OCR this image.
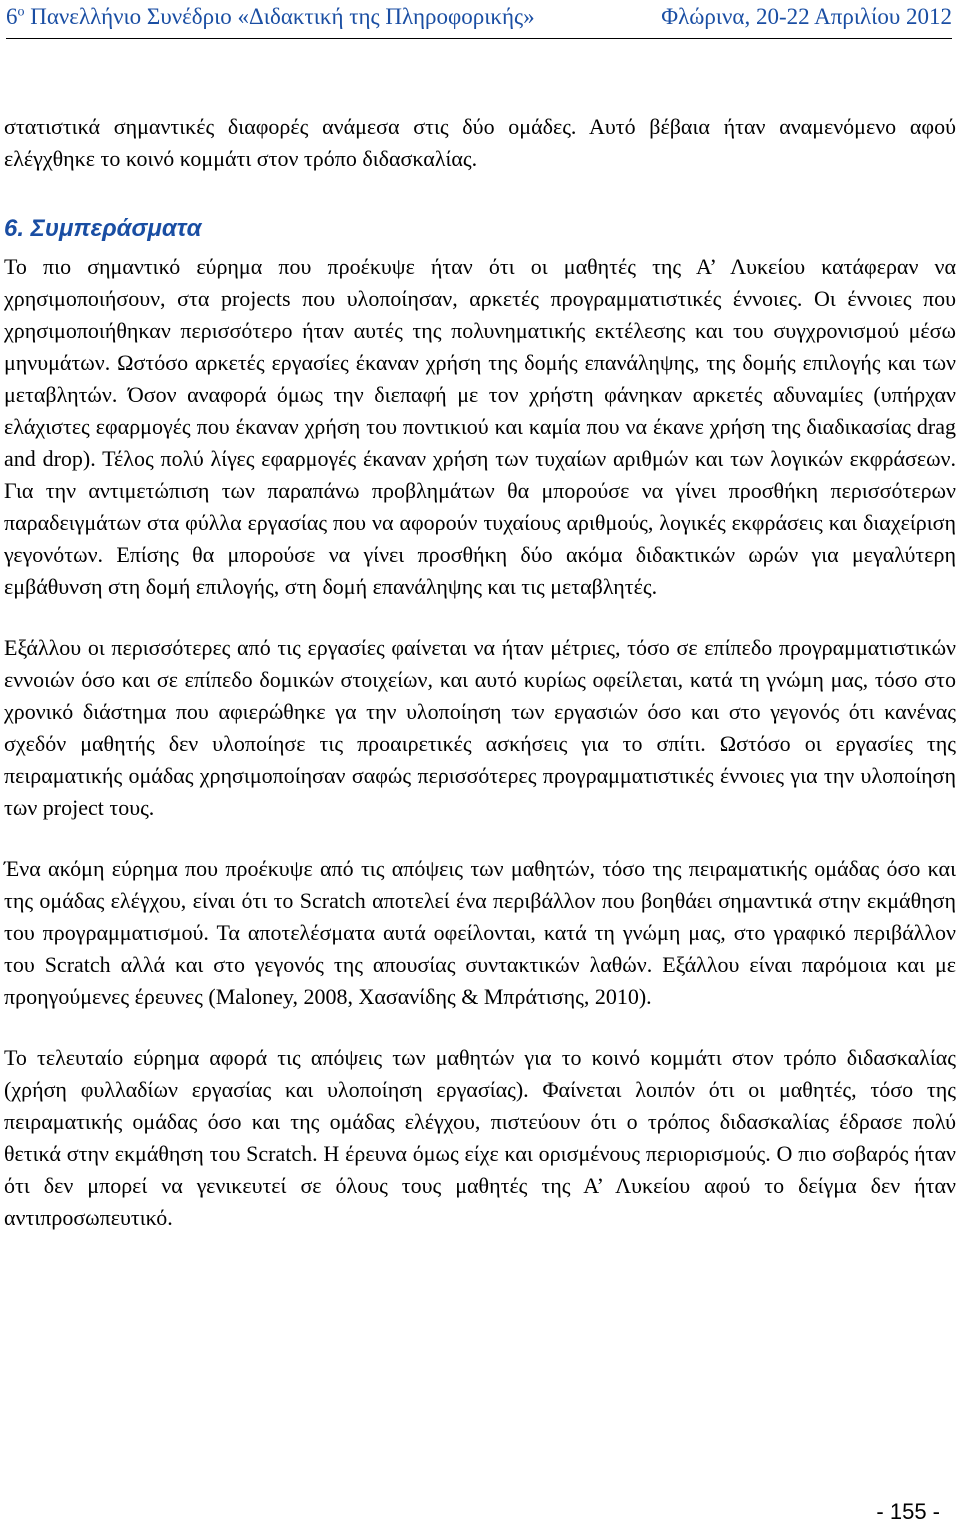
$6^o$ Πανελλήνιο Συνέδριο «Διδακτική της Πληροφορικής»	Φλώρινα, 20-22 Απριλίου 2012

στατιστικά σημαντικές διαφορές ανάμεσα στις δύο ομάδες. Αυτό βέβαια ήταν αναμενόμενο αφού ελέγχθηκε το κοινό κομμάτι στον τρόπο διδασκαλίας.

6. Συμπεράσματα

Το πιο σημαντικό εύρημα που προέκυψε ήταν ότι οι μαθητές της Α’ Λυκείου κατάφεραν να χρησιμοποιήσουν, στα projects που υλοποίησαν, αρκετές προγραμματιστικές έννοιες. Οι έννοιες που χρησιμοποιήθηκαν περισσότερο ήταν αυτές της πολυνηματικής εκτέλεσης και του συγχρονισμού μέσω μηνυμάτων. Ωστόσο αρκετές εργασίες έκαναν χρήση της δομής επανάληψης, της δομής επιλογής και των μεταβλητών. Όσον αναφορά όμως την διεπαφή με τον χρήστη φάνηκαν αρκετές αδυναμίες (υπήρχαν ελάχιστες εφαρμογές που έκαναν χρήση του ποντικιού και καμία που να έκανε χρήση της διαδικασίας drag and drop). Τέλος πολύ λίγες εφαρμογές έκαναν χρήση των τυχαίων αριθμών και των λογικών εκφράσεων. Για την αντιμετώπιση των παραπάνω προβλημάτων θα μπορούσε να γίνει προσθήκη περισσότερων παραδειγμάτων στα φύλλα εργασίας που να αφορούν τυχαίους αριθμούς, λογικές εκφράσεις και διαχείριση γεγονότων. Επίσης θα μπορούσε να γίνει προσθήκη δύο ακόμα διδακτικών ωρών για μεγαλύτερη εμβάθυνση στη δομή επιλογής, στη δομή επανάληψης και τις μεταβλητές.

Εξάλλου οι περισσότερες από τις εργασίες φαίνεται να ήταν μέτριες, τόσο σε επίπεδο προγραμματιστικών εννοιών όσο και σε επίπεδο δομικών στοιχείων, και αυτό κυρίως οφείλεται, κατά τη γνώμη μας, τόσο στο χρονικό διάστημα που αφιερώθηκε γα την υλοποίηση των εργασιών όσο και στο γεγονός ότι κανένας σχεδόν μαθητής δεν υλοποίησε τις προαιρετικές ασκήσεις για το σπίτι. Ωστόσο οι εργασίες της πειραματικής ομάδας χρησιμοποίησαν σαφώς περισσότερες προγραμματιστικές έννοιες για την υλοποίηση των project τους.

Ένα ακόμη εύρημα που προέκυψε από τις απόψεις των μαθητών, τόσο της πειραματικής ομάδας όσο και της ομάδας ελέγχου, είναι ότι το Scratch αποτελεί ένα περιβάλλον που βοηθάει σημαντικά στην εκμάθηση του προγραμματισμού. Τα αποτελέσματα αυτά οφείλονται, κατά τη γνώμη μας, στο γραφικό περιβάλλον του Scratch αλλά και στο γεγονός της απουσίας συντακτικών λαθών. Εξάλλου είναι παρόμοια και με προηγούμενες έρευνες (Maloney, 2008, Χασανίδης & Μπράτισης, 2010).

Το τελευταίο εύρημα αφορά τις απόψεις των μαθητών για το κοινό κομμάτι στον τρόπο διδασκαλίας (χρήση φυλλαδίων εργασίας και υλοποίηση εργασίας). Φαίνεται λοιπόν ότι οι μαθητές, τόσο της πειραματικής ομάδας όσο και της ομάδας ελέγχου, πιστεύουν ότι ο τρόπος διδασκαλίας έδρασε πολύ θετικά στην εκμάθηση του Scratch. Η έρευνα όμως είχε και ορισμένους περιορισμούς. Ο πιο σοβαρός ήταν ότι δεν μπορεί να γενικευτεί σε όλους τους μαθητές της Α’ Λυκείου αφού το δείγμα δεν ήταν αντιπροσωπευτικό.

- 155 -
